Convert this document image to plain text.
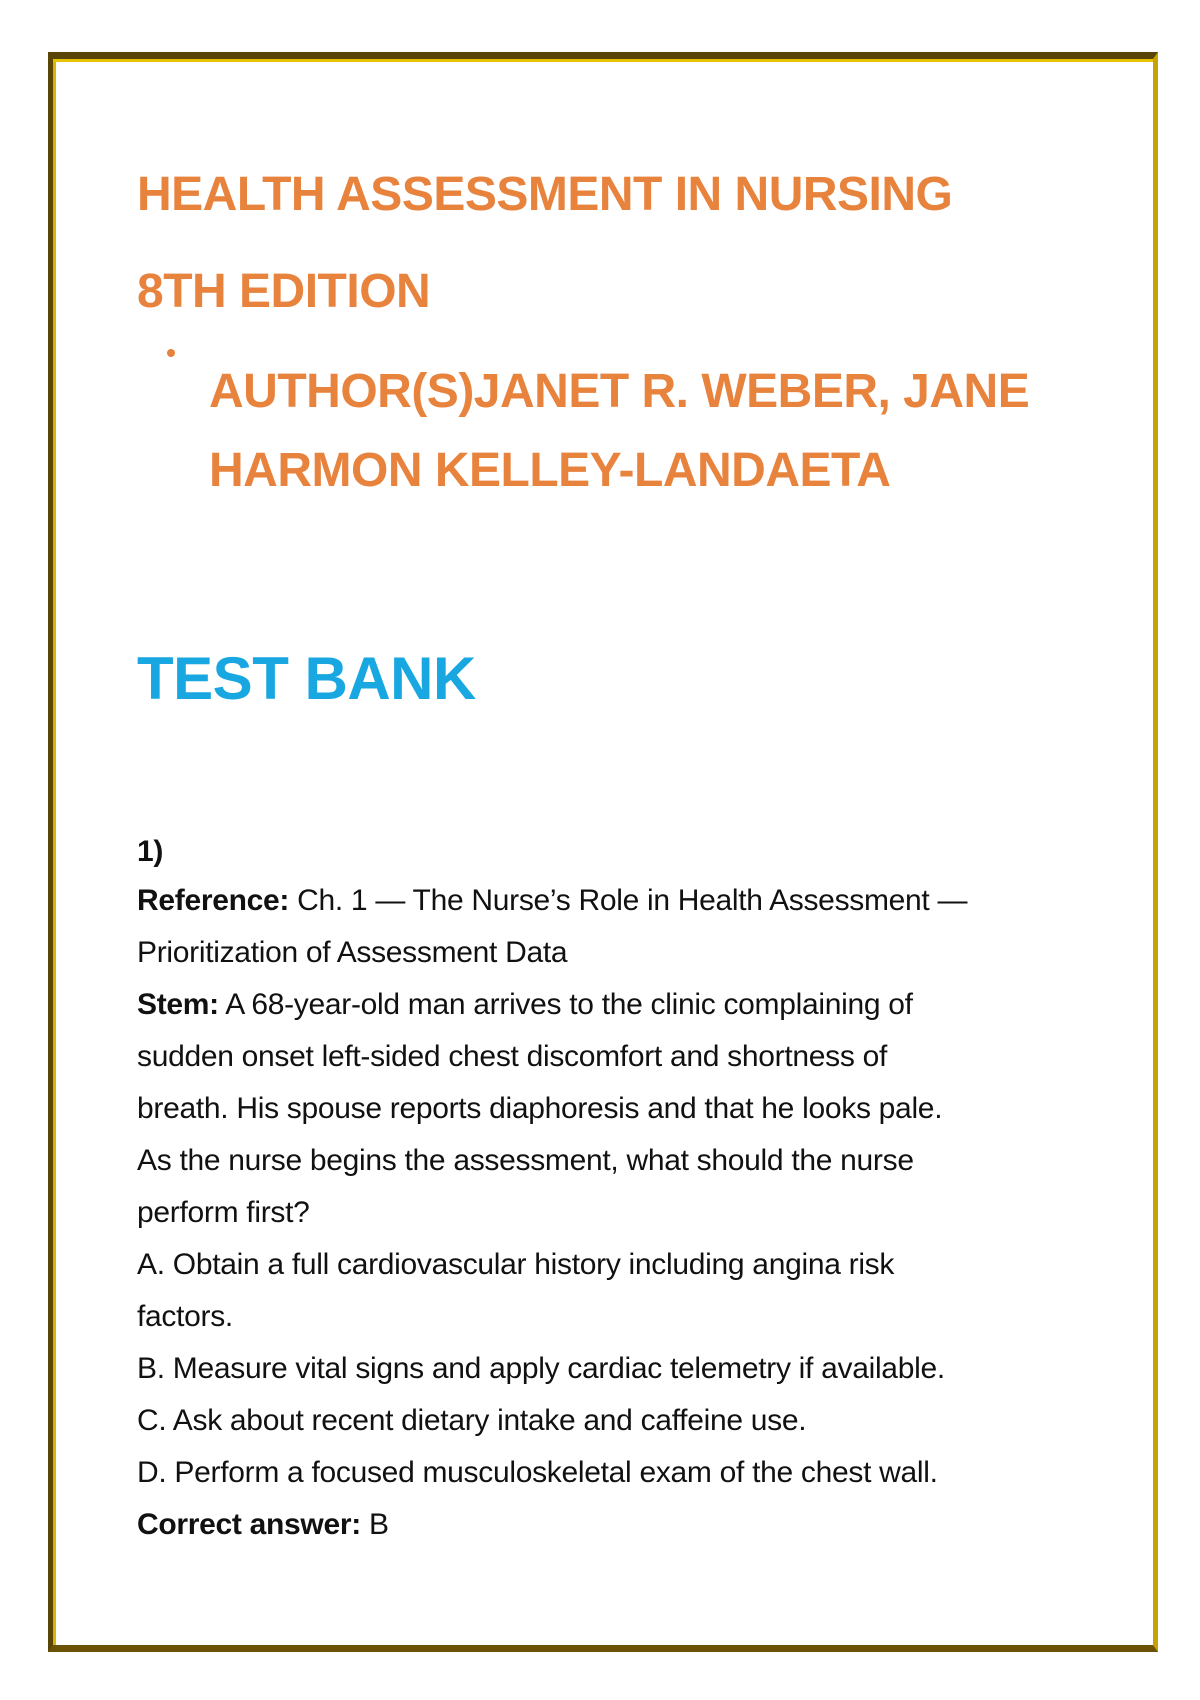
HEALTH ASSESSMENT IN NURSING
8TH EDITION
AUTHOR(S)JANET R. WEBER, JANE
HARMON KELLEY-LANDAETA
TEST BANK
1)
Reference: Ch. 1 — The Nurse’s Role in Health Assessment —
Prioritization of Assessment Data
Stem: A 68-year-old man arrives to the clinic complaining of
sudden onset left-sided chest discomfort and shortness of
breath. His spouse reports diaphoresis and that he looks pale.
As the nurse begins the assessment, what should the nurse
perform first?
A. Obtain a full cardiovascular history including angina risk
factors.
B. Measure vital signs and apply cardiac telemetry if available.
C. Ask about recent dietary intake and caffeine use.
D. Perform a focused musculoskeletal exam of the chest wall.
Correct answer: B
